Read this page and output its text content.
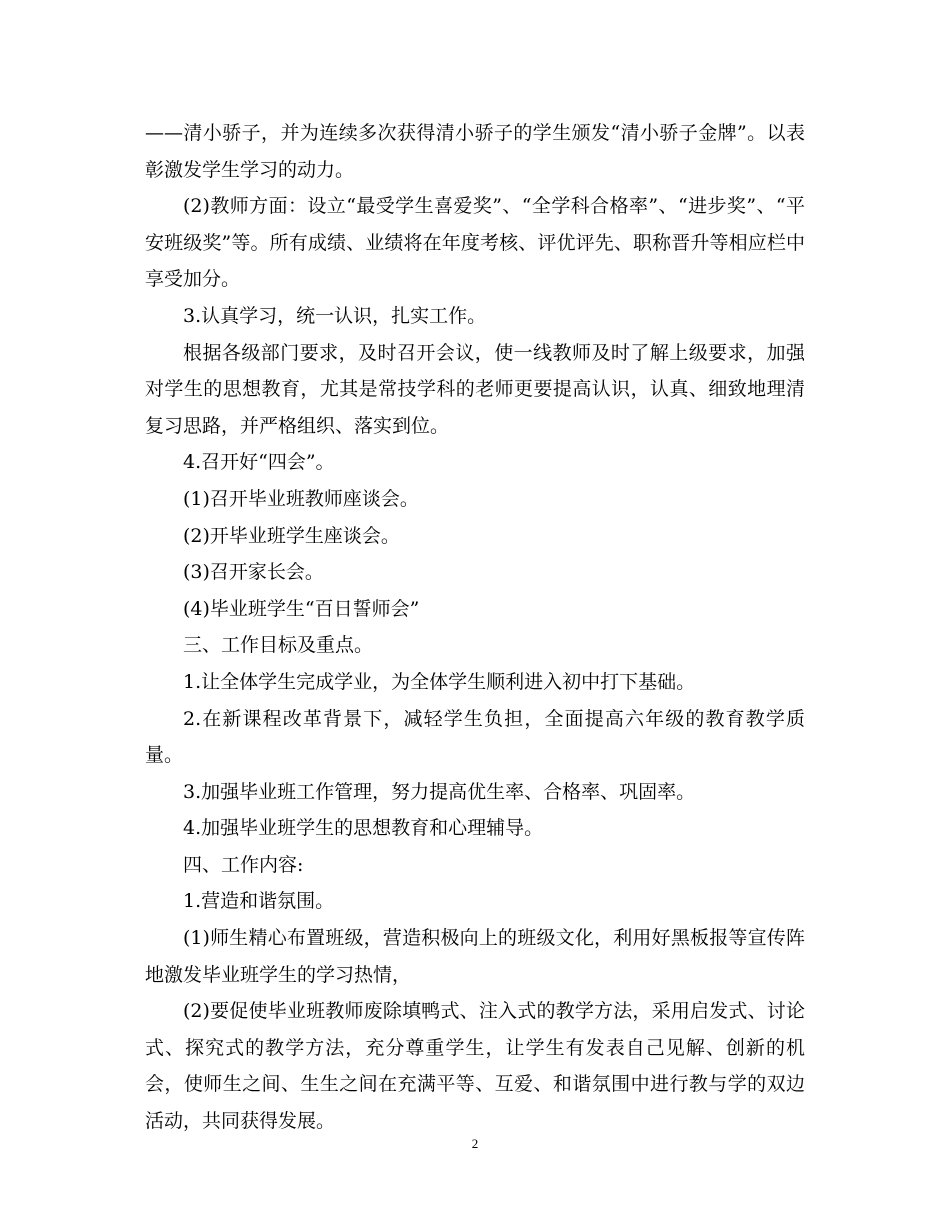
——清小骄子，并为连续多次获得清小骄子的学生颁发“清小骄子金牌”。以表彰激发学生学习的动力。

(2)教师方面：设立“最受学生喜爱奖”、“全学科合格率”、“进步奖”、“平安班级奖”等。所有成绩、业绩将在年度考核、评优评先、职称晋升等相应栏中享受加分。

3.认真学习，统一认识，扎实工作。

根据各级部门要求，及时召开会议，使一线教师及时了解上级要求，加强对学生的思想教育，尤其是常技学科的老师更要提高认识，认真、细致地理清复习思路，并严格组织、落实到位。

4.召开好“四会”。

(1)召开毕业班教师座谈会。

(2)开毕业班学生座谈会。

(3)召开家长会。

(4)毕业班学生“百日誓师会”

三、工作目标及重点。

1.让全体学生完成学业，为全体学生顺利进入初中打下基础。

2.在新课程改革背景下，减轻学生负担，全面提高六年级的教育教学质量。

3.加强毕业班工作管理，努力提高优生率、合格率、巩固率。

4.加强毕业班学生的思想教育和心理辅导。

四、工作内容:

1.营造和谐氛围。

(1)师生精心布置班级，营造积极向上的班级文化，利用好黑板报等宣传阵地激发毕业班学生的学习热情，

(2)要促使毕业班教师废除填鸭式、注入式的教学方法，采用启发式、讨论式、探究式的教学方法，充分尊重学生，让学生有发表自己见解、创新的机会，使师生之间、生生之间在充满平等、互爱、和谐氛围中进行教与学的双边活动，共同获得发展。

2
